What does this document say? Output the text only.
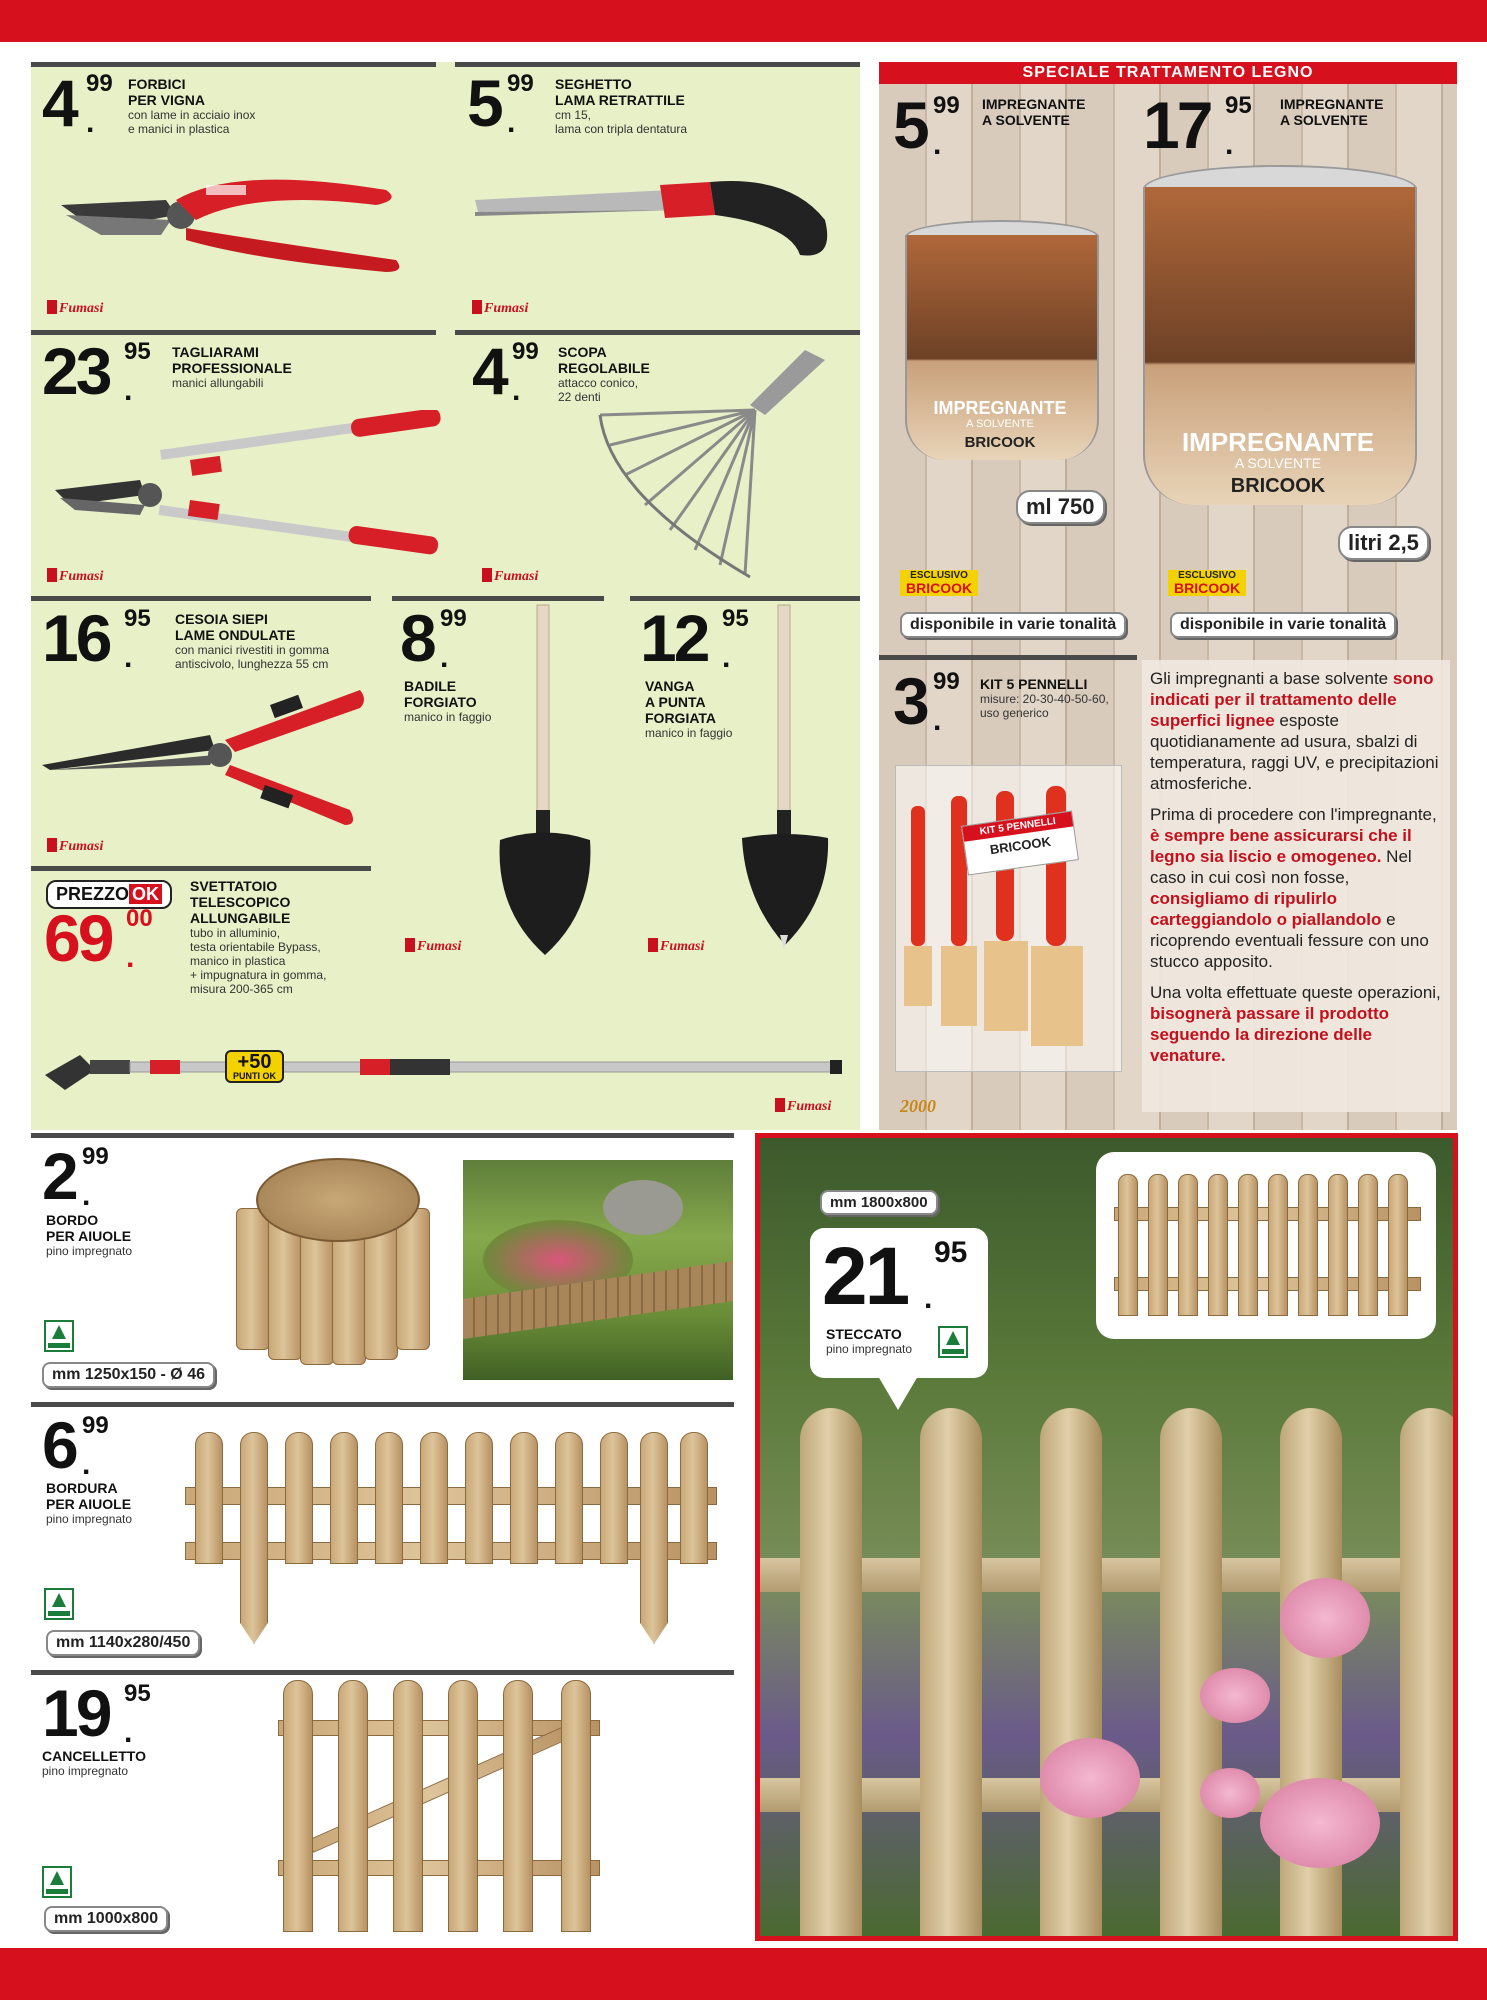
4 .
99 FORBICI
PER VIGNA
con lame in acciaio inox
e manici in plastica
Fumasi
5 .
99 SEGHETTO
LAMA RETRATTILE
cm 15,
lama con tripla dentatura
Fumasi
23 .
95 TAGLIARAMI
PROFESSIONALE
manici allungabili
Fumasi
4 .
99 SCOPA
REGOLABILE
attacco conico,
22 denti
Fumasi
16 .
95 CESOIA SIEPI
LAME ONDULATE
con manici rivestiti in gomma
antiscivolo, lunghezza 55 cm
Fumasi
8 .
99
BADILE
FORGIATO
manico in faggio
Fumasi
12 .
95
VANGA
A PUNTA
FORGIATA
manico in faggio
Fumasi
PREZZO OK
69 .
00
SVETTATOIO
TELESCOPICO
ALLUNGABILE
tubo in alluminio,
testa orientabile Bypass,
manico in plastica
+ impugnatura in gomma,
misura 200-365 cm
+50
PUNTI OK
Fumasi
SPECIALE TRATTAMENTO LEGNO
5 .
99 IMPREGNANTE
A SOLVENTE
IMPREGNANTE
A SOLVENTE
BRICOOK
ml 750
ESCLUSIVO
BRICOOK
disponibile in varie tonalità
17 .
95 IMPREGNANTE
A SOLVENTE
IMPREGNANTE
A SOLVENTE
BRICOOK
litri 2,5
ESCLUSIVO
BRICOOK
disponibile in varie tonalità
3 .
99 KIT 5 PENNELLI
misure: 20-30-40-50-60,
uso generico
KIT 5 PENNELLI
BRICOOK
2000

Gli impregnanti a base solvente sono indicati per il trattamento delle superfici lignee esposte quotidianamente ad usura, sbalzi di temperatura, raggi UV, e precipitazioni atmosferiche.

Prima di procedere con l'impregnante, è sempre bene assicurarsi che il legno sia liscio e omogeneo. Nel caso in cui così non fosse, consigliamo di ripulirlo carteggiandolo o piallandolo e ricoprendo eventuali fessure con uno stucco apposito.

Una volta effettuate queste operazioni, bisognerà passare il prodotto seguendo la direzione delle venature.

2 .
99
BORDO
PER AIUOLE
pino impregnato
mm 1250x150 - Ø 46
6 .
99
BORDURA
PER AIUOLE
pino impregnato
mm 1140x280/450
19 .
95
CANCELLETTO
pino impregnato
mm 1000x800
mm 1800x800
21 .
95
STECCATO
pino impregnato
